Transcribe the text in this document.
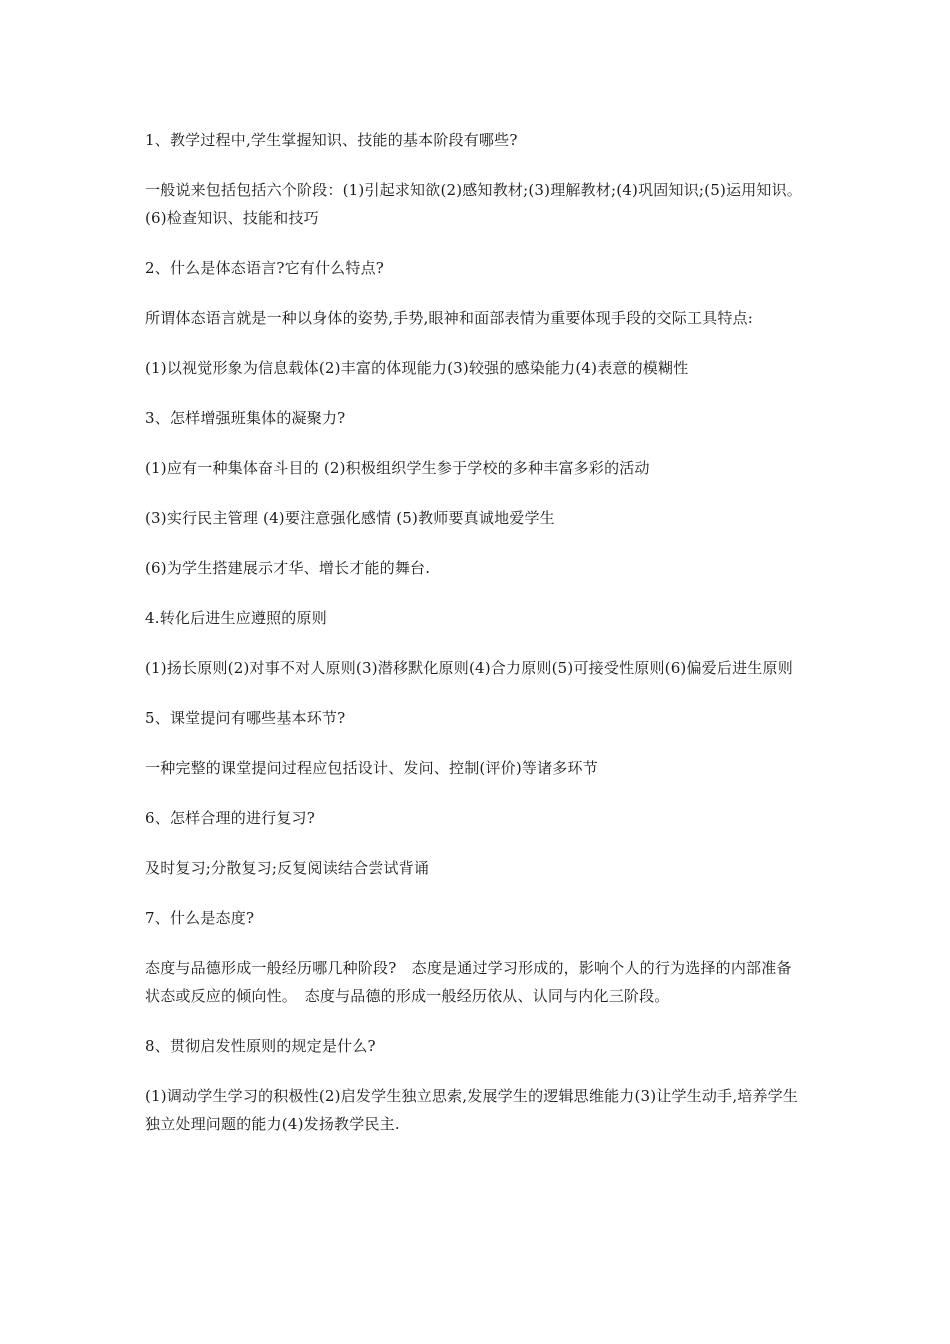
1、教学过程中,学生掌握知识、技能的基本阶段有哪些?

一般说来包括包括六个阶段：(1)引起求知欲(2)感知教材;(3)理解教材;(4)巩固知识;(5)运用知识。(6)检查知识、技能和技巧

2、什么是体态语言?它有什么特点?

所谓体态语言就是一种以身体的姿势,手势,眼神和面部表情为重要体现手段的交际工具特点:

(1)以视觉形象为信息载体(2)丰富的体现能力(3)较强的感染能力(4)表意的模糊性

3、怎样增强班集体的凝聚力?

(1)应有一种集体奋斗目的 (2)积极组织学生参于学校的多种丰富多彩的活动

(3)实行民主管理 (4)要注意强化感情 (5)教师要真诚地爱学生

(6)为学生搭建展示才华、增长才能的舞台.

4.转化后进生应遵照的原则

(1)扬长原则(2)对事不对人原则(3)潜移默化原则(4)合力原则(5)可接受性原则(6)偏爱后进生原则

5、课堂提问有哪些基本环节?

一种完整的课堂提问过程应包括设计、发问、控制(评价)等诸多环节

6、怎样合理的进行复习?

及时复习;分散复习;反复阅读结合尝试背诵

7、什么是态度?

态度与品德形成一般经历哪几种阶段?　态度是通过学习形成的，影响个人的行为选择的内部准备状态或反应的倾向性。　态度与品德的形成一般经历依从、认同与内化三阶段。

8、贯彻启发性原则的规定是什么?

(1)调动学生学习的积极性(2)启发学生独立思索,发展学生的逻辑思维能力(3)让学生动手,培养学生独立处理问题的能力(4)发扬教学民主.
